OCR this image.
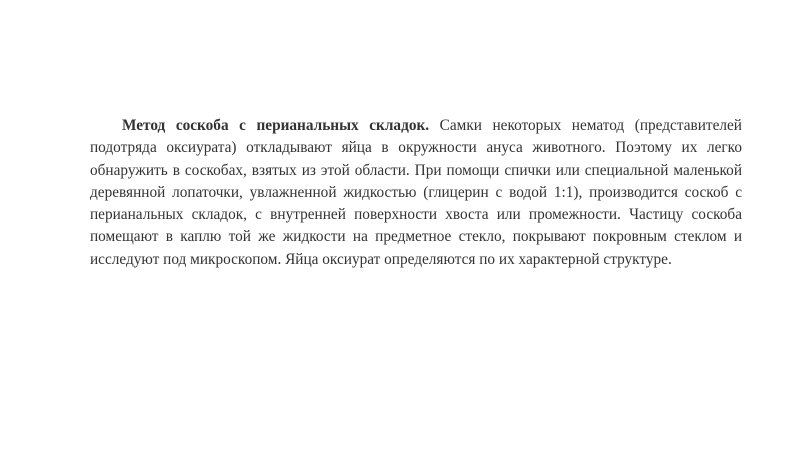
Метод соскоба с перианальных складок. Самки некоторых нематод (представителей подотряда оксиурата) откладывают яйца в окружности ануса животного. Поэтому их легко обнаружить в соскобах, взятых из этой области. При помощи спички или специальной маленькой деревянной лопаточки, увлажненной жидкостью (глицерин с водой 1:1), производится соскоб с перианальных складок, с внутренней поверхности хвоста или промежности. Частицу соскоба помещают в каплю той же жидкости на предметное стекло, покрывают покровным стеклом и исследуют под микроскопом. Яйца оксиурат определяются по их характерной структуре.
